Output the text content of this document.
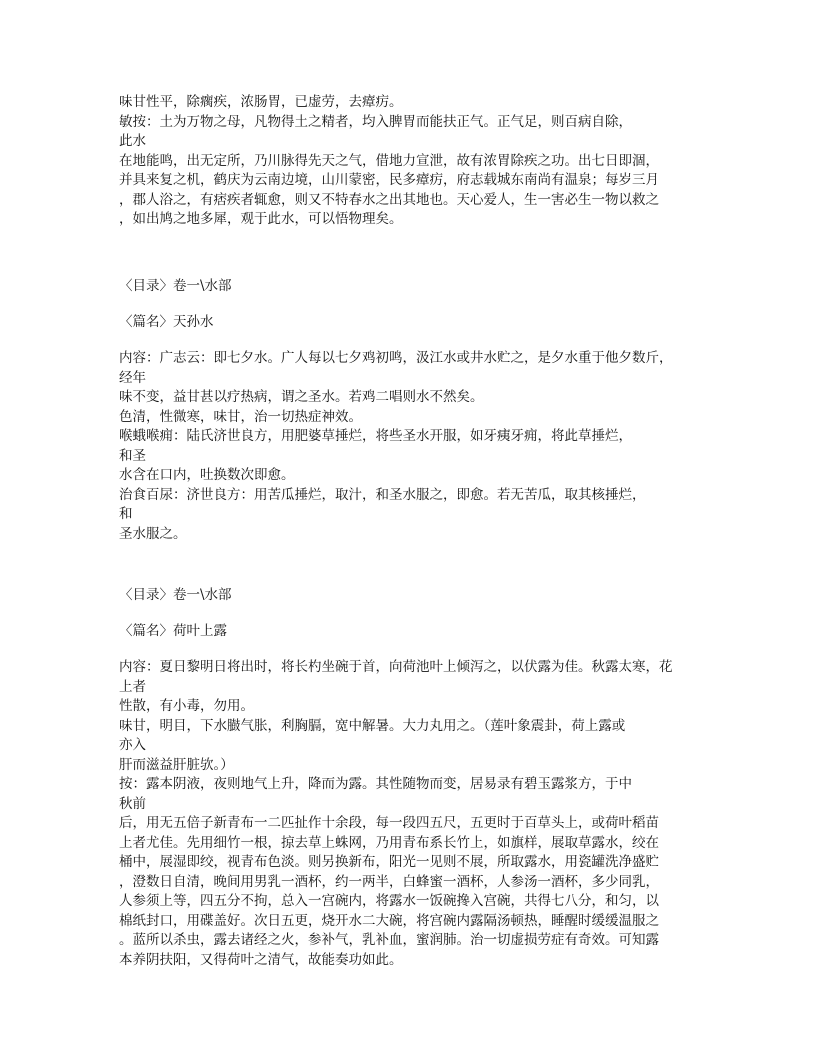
味甘性平，除瘸疾，浓肠胃，已虚劳，去瘴疠。
敏按：土为万物之母，凡物得土之精者，均入脾胃而能扶正气。正气足，则百病自除，
此水
在地能鸣，出无定所，乃川脉得先天之气，借地力宣泄，故有浓胃除疾之功。出七日即涸，
并具来复之机，鹤庆为云南边境，山川蒙密，民多瘴疠，府志载城东南尚有温泉；每岁三月
，郡人浴之，有痞疾者辄愈，则又不特春水之出其地也。天心爱人，生一害必生一物以救之
，如出鸠之地多犀，观于此水，可以悟物理矣。
〈目录〉卷一\水部
〈篇名〉天孙水
内容：广志云：即七夕水。广人每以七夕鸡初鸣，汲江水或井水贮之，是夕水重于他夕数斤，
经年
味不变，益甘甚以疗热病，谓之圣水。若鸡二唱则水不然矣。
色清，性微寒，味甘，治一切热症神效。
喉蛾喉痈：陆氏济世良方，用肥婆草捶烂，将些圣水开服，如牙痍牙痈，将此草捶烂，
和圣
水含在口内，吐换数次即愈。
治食百尿：济世良方：用苦瓜捶烂，取汁，和圣水服之，即愈。若无苦瓜，取其核捶烂，
和
圣水服之。
〈目录〉卷一\水部
〈篇名〉荷叶上露
内容：夏日黎明日将出时，将长杓坐碗于首，向荷池叶上倾泻之，以伏露为佳。秋露太寒，花
上者
性散，有小毒，勿用。
味甘，明目，下水臌气胀，利胸膈，宽中解暑。大力丸用之。（莲叶象震卦，荷上露或
亦入
肝而滋益肝脏欤。）
按：露本阴液，夜则地气上升，降而为露。其性随物而变，居易录有碧玉露浆方，于中
秋前
后，用无五倍子新青布一二匹扯作十余段，每一段四五尺，五更时于百草头上，或荷叶稻苗
上者尤佳。先用细竹一根，掠去草上蛛网，乃用青布系长竹上，如旗样，展取草露水，绞在
桶中，展湿即绞，视青布色淡。则另换新布，阳光一见则不展，所取露水，用瓷罐洗净盛贮
，澄数日自清，晚间用男乳一酒杯，约一两半，白蜂蜜一酒杯，人参汤一酒杯，多少同乳，
人参须上等，四五分不拘，总入一宫碗内，将露水一饭碗搀入宫碗，共得七八分，和匀，以
棉纸封口，用碟盖好。次日五更，烧开水二大碗，将宫碗内露隔汤顿热，睡醒时缓缓温服之
。蓝所以杀虫，露去诸经之火，参补气，乳补血，蜜润肺。治一切虚损劳症有奇效。可知露
本养阴扶阳，又得荷叶之清气，故能奏功如此。
